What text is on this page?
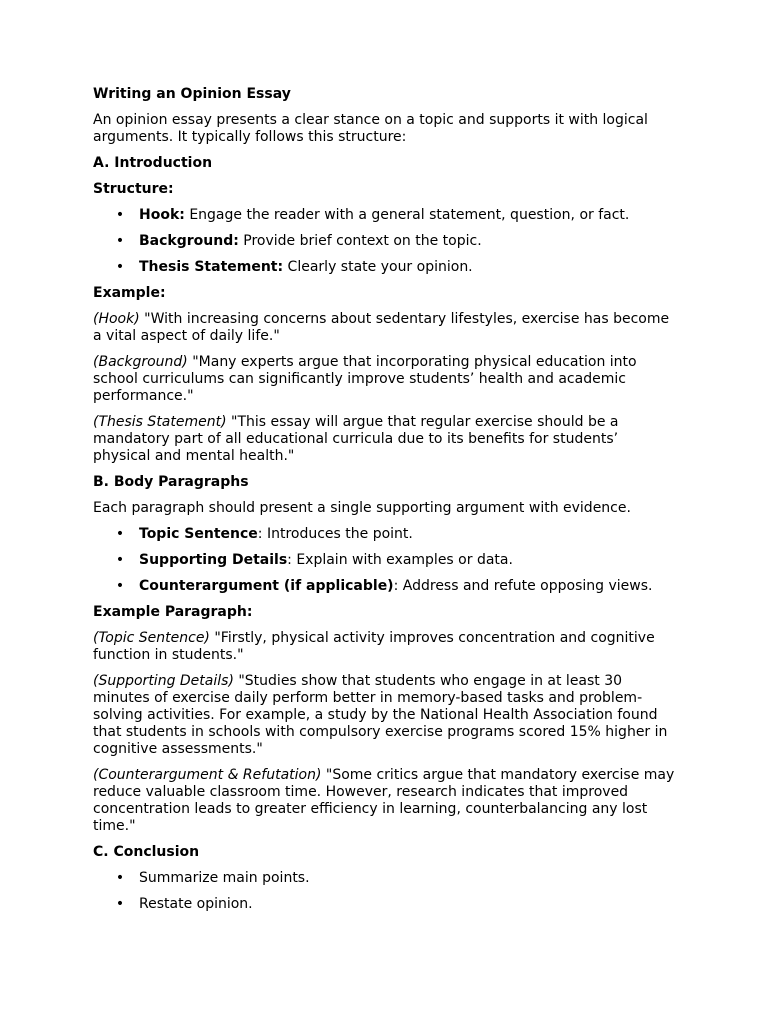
Writing an Opinion Essay
An opinion essay presents a clear stance on a topic and supports it with logical arguments. It typically follows this structure:
A. Introduction
Structure:
• Hook: Engage the reader with a general statement, question, or fact.
• Background: Provide brief context on the topic.
• Thesis Statement: Clearly state your opinion.
Example:
(Hook) "With increasing concerns about sedentary lifestyles, exercise has become a vital aspect of daily life."
(Background) "Many experts argue that incorporating physical education into school curriculums can significantly improve students’ health and academic performance."
(Thesis Statement) "This essay will argue that regular exercise should be a mandatory part of all educational curricula due to its benefits for students’ physical and mental health."
B. Body Paragraphs
Each paragraph should present a single supporting argument with evidence.
• Topic Sentence: Introduces the point.
• Supporting Details: Explain with examples or data.
• Counterargument (if applicable): Address and refute opposing views.
Example Paragraph:
(Topic Sentence) "Firstly, physical activity improves concentration and cognitive function in students."
(Supporting Details) "Studies show that students who engage in at least 30 minutes of exercise daily perform better in memory-based tasks and problem-solving activities. For example, a study by the National Health Association found that students in schools with compulsory exercise programs scored 15% higher in cognitive assessments."
(Counterargument & Refutation) "Some critics argue that mandatory exercise may reduce valuable classroom time. However, research indicates that improved concentration leads to greater efficiency in learning, counterbalancing any lost time."
C. Conclusion
• Summarize main points.
• Restate opinion.
